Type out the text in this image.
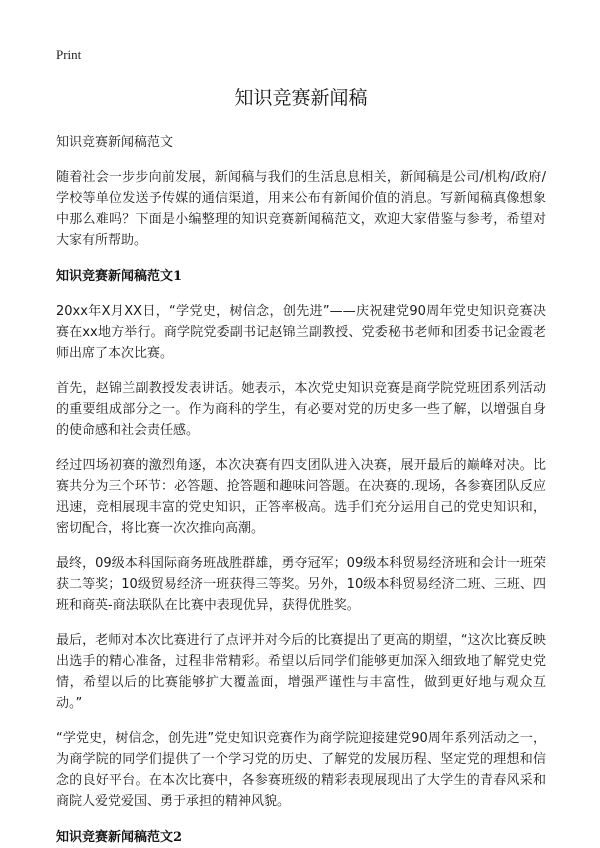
Print
知识竞赛新闻稿

知识竞赛新闻稿范文

随着社会一步步向前发展，新闻稿与我们的生活息息相关，新闻稿是公司/机构/政府/学校等单位发送予传媒的通信渠道，用来公布有新闻价值的消息。写新闻稿真像想象中那么难吗？下面是小编整理的知识竞赛新闻稿范文，欢迎大家借鉴与参考，希望对大家有所帮助。

知识竞赛新闻稿范文1

20xx年X月XX日，“学党史，树信念，创先进”——庆祝建党90周年党史知识竞赛决赛在xx地方举行。商学院党委副书记赵锦兰副教授、党委秘书老师和团委书记金霞老师出席了本次比赛。

首先，赵锦兰副教授发表讲话。她表示，本次党史知识竞赛是商学院党班团系列活动的重要组成部分之一。作为商科的学生，有必要对党的历史多一些了解，以增强自身的使命感和社会责任感。

经过四场初赛的激烈角逐，本次决赛有四支团队进入决赛，展开最后的巅峰对决。比赛共分为三个环节：必答题、抢答题和趣味问答题。在决赛的.现场，各参赛团队反应迅速，竞相展现丰富的党史知识，正答率极高。选手们充分运用自己的党史知识和，密切配合，将比赛一次次推向高潮。

最终，09级本科国际商务班战胜群雄，勇夺冠军；09级本科贸易经济班和会计一班荣获二等奖；10级贸易经济一班获得三等奖。另外，10级本科贸易经济二班、三班、四班和商英-商法联队在比赛中表现优异，获得优胜奖。

最后，老师对本次比赛进行了点评并对今后的比赛提出了更高的期望，“这次比赛反映出选手的精心准备，过程非常精彩。希望以后同学们能够更加深入细致地了解党史党情，希望以后的比赛能够扩大覆盖面，增强严谨性与丰富性，做到更好地与观众互动。”

“学党史，树信念，创先进”党史知识竞赛作为商学院迎接建党90周年系列活动之一，为商学院的同学们提供了一个学习党的历史、了解党的发展历程、坚定党的理想和信念的良好平台。在本次比赛中，各参赛班级的精彩表现展现出了大学生的青春风采和商院人爱党爱国、勇于承担的精神风貌。

知识竞赛新闻稿范文2
